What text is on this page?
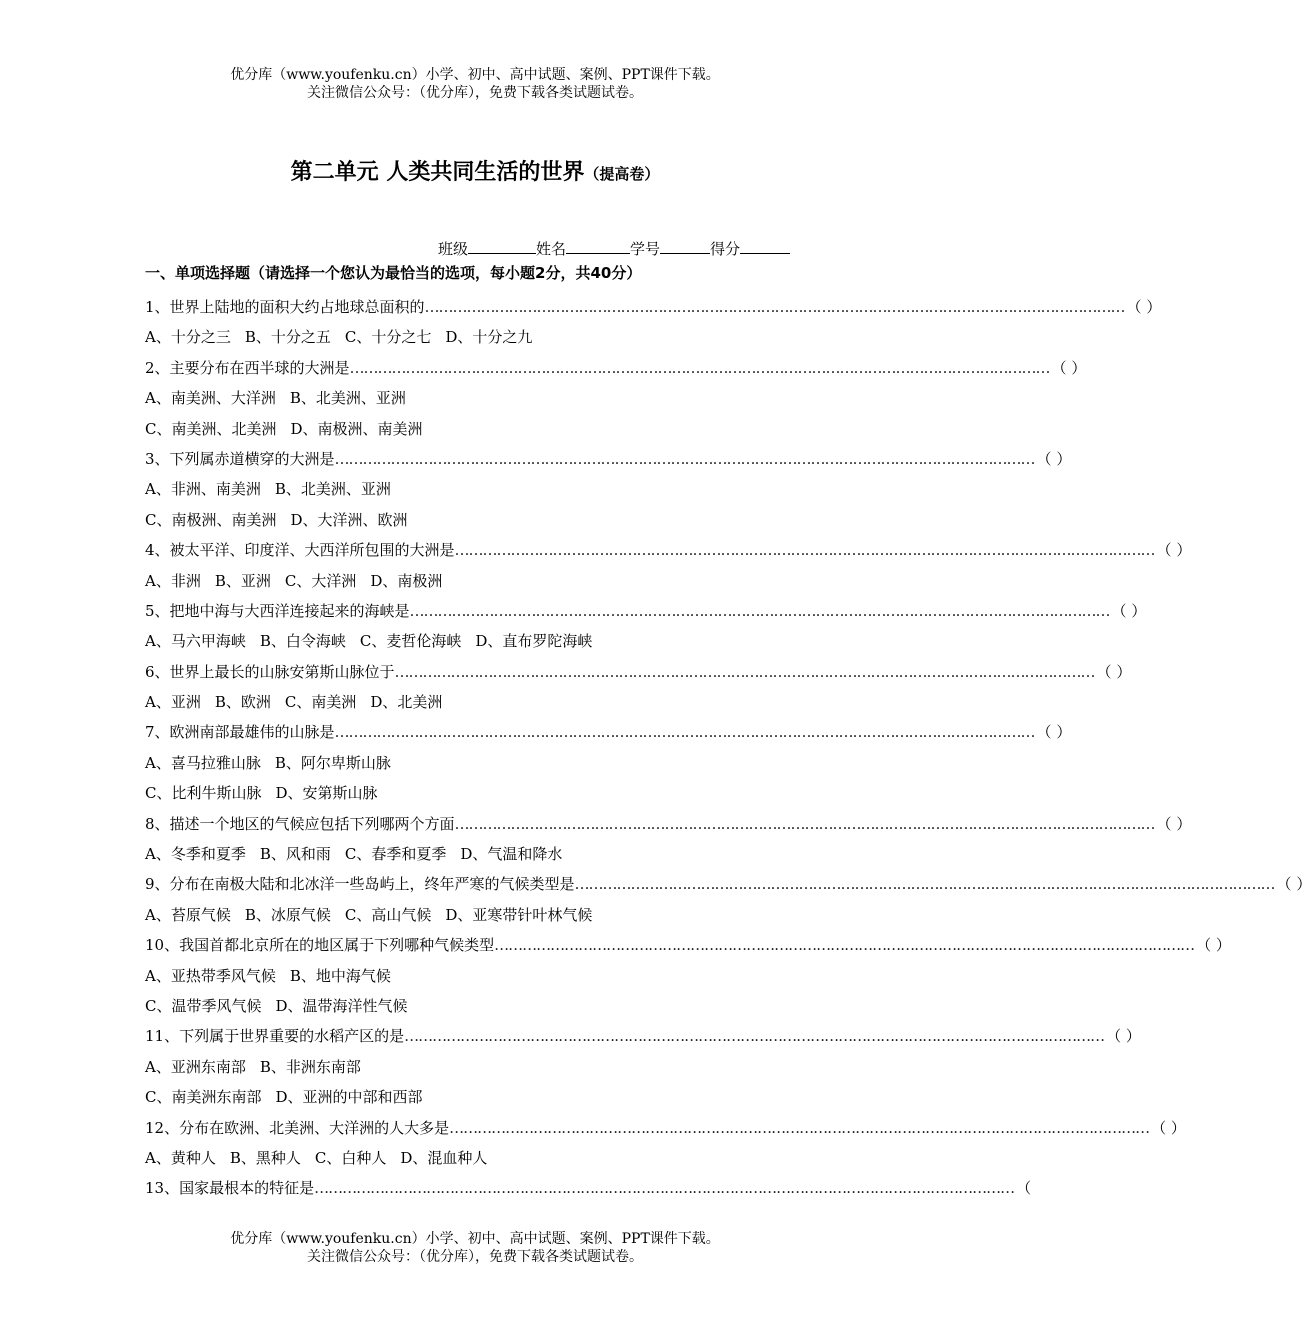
优分库（www.youfenku.cn）小学、初中、高中试题、案例、PPT课件下载。
关注微信公众号：（优分库），免费下载各类试题试卷。
第二单元 人类共同生活的世界（提高卷）
班级	姓名	学号	得分
一、单项选择题（请选择一个您认为最恰当的选项，每小题2分，共40分）
1、世界上陆地的面积大约占地球总面积的 …………………………………………………………………………………………………………………………………… （ ）
A、十分之三 B、十分之五 C、十分之七 D、十分之九
2、主要分布在西半球的大洲是 …………………………………………………………………………………………………………………………………… （ ）
A、南美洲、大洋洲 B、北美洲、亚洲
C、南美洲、北美洲 D、南极洲、南美洲
3、下列属赤道横穿的大洲是 …………………………………………………………………………………………………………………………………… （ ）
A、非洲、南美洲 B、北美洲、亚洲
C、南极洲、南美洲 D、大洋洲、欧洲
4、被太平洋、印度洋、大西洋所包围的大洲是 …………………………………………………………………………………………………………………………………… （ ）
A、非洲 B、亚洲 C、大洋洲 D、南极洲
5、把地中海与大西洋连接起来的海峡是 …………………………………………………………………………………………………………………………………… （ ）
A、马六甲海峡 B、白令海峡 C、麦哲伦海峡 D、直布罗陀海峡
6、世界上最长的山脉安第斯山脉位于 …………………………………………………………………………………………………………………………………… （ ）
A、亚洲 B、欧洲 C、南美洲 D、北美洲
7、欧洲南部最雄伟的山脉是 …………………………………………………………………………………………………………………………………… （ ）
A、喜马拉雅山脉 B、阿尔卑斯山脉
C、比利牛斯山脉 D、安第斯山脉
8、描述一个地区的气候应包括下列哪两个方面 …………………………………………………………………………………………………………………………………… （ ）
A、冬季和夏季 B、风和雨 C、春季和夏季 D、气温和降水
9、分布在南极大陆和北冰洋一些岛屿上，终年严寒的气候类型是 …………………………………………………………………………………………………………………………………… （ ）
A、苔原气候 B、冰原气候 C、高山气候 D、亚寒带针叶林气候
10、我国首都北京所在的地区属于下列哪种气候类型 …………………………………………………………………………………………………………………………………… （ ）
A、亚热带季风气候 B、地中海气候
C、温带季风气候 D、温带海洋性气候
11、下列属于世界重要的水稻产区的是 …………………………………………………………………………………………………………………………………… （ ）
A、亚洲东南部 B、非洲东南部
C、南美洲东南部 D、亚洲的中部和西部
12、分布在欧洲、北美洲、大洋洲的人大多是 …………………………………………………………………………………………………………………………………… （ ）
A、黄种人 B、黑种人 C、白种人 D、混血种人
13、国家最根本的特征是 …………………………………………………………………………………………………………………………………… （
优分库（www.youfenku.cn）小学、初中、高中试题、案例、PPT课件下载。
关注微信公众号：（优分库），免费下载各类试题试卷。
